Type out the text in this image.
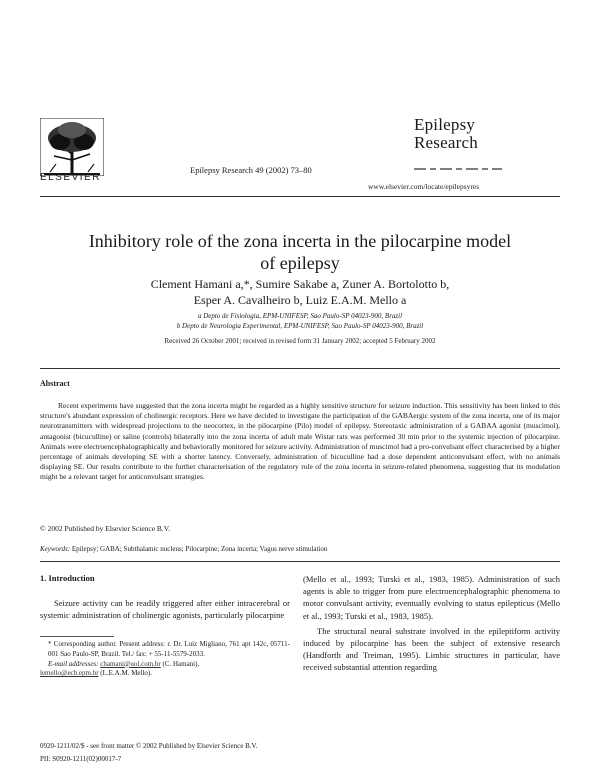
ELSEVIER
Epilepsy Research 49 (2002) 73–80
Epilepsy
Research
www.elsevier.com/locate/epilepsyres
Inhibitory role of the zona incerta in the pilocarpine model
of epilepsy
Clement Hamani a,*, Sumire Sakabe a, Zuner A. Bortolotto b,
Esper A. Cavalheiro b, Luiz E.A.M. Mello a
a Depto de Fisiologia, EPM-UNIFESP, Sao Paulo-SP 04023-900, Brazil
b Depto de Neurologia Experimental, EPM-UNIFESP, Sao Paulo-SP 04023-900, Brazil
Received 26 October 2001; received in revised form 31 January 2002; accepted 5 February 2002
Abstract
Recent experiments have suggested that the zona incerta might be regarded as a highly sensitive structure for seizure induction. This sensitivity has been linked to this structure's abundant expression of cholinergic receptors. Here we have decided to investigate the participation of the GABAergic system of the zona incerta, one of its major neurotransmitters with widespread projections to the neocortex, in the pilocarpine (Pilo) model of epilepsy. Stereotaxic administration of a GABAA agonist (muscimol), antagonist (bicuculline) or saline (controls) bilaterally into the zona incerta of adult male Wistar rats was performed 30 min prior to the systemic injection of pilocarpine. Animals were electroencephalographically and behaviorally monitored for seizure activity. Administration of muscimol had a pro-convulsant effect characterised by a higher percentage of animals developing SE with a shorter latency. Conversely, administration of bicuculline had a dose dependent anticonvulsant effect, with no animals displaying SE. Our results contribute to the further characterisation of the regulatory role of the zona incerta in seizure-related phenomena, suggesting that its modulation might be a relevant target for anticonvulsant strategies.
© 2002 Published by Elsevier Science B.V.
Keywords: Epilepsy; GABA; Subthalamic nucleus; Pilocarpine; Zona incerta; Vagus nerve stimulation

1. Introduction

Seizure activity can be readily triggered after either intracerebral or systemic administration of cholinergic agonists, particularly pilocarpine

(Mello et al., 1993; Turski et al., 1983, 1985). Administration of such agents is able to trigger from pure electroencephalographic phenomena to motor convulsant activity, eventually evolving to status epilepticus (Mello et al., 1993; Turski et al., 1983, 1985).

The structural neural substrate involved in the epileptiform activity induced by pilocarpine has been the subject of extensive research (Handforth and Treiman, 1995). Limbic structures in particular, have received substantial attention regarding

* Corresponding author. Present address: r. Dr. Luiz Migliano, 761 apt 142c, 05711-001 Sao Paulo-SP, Brazil. Tel./ fax: + 55-11-5579-2033.
E-mail addresses: chamani@uol.com.br (C. Hamani),
lemello@ecb.epm.br (L.E.A.M. Mello).
0920-1211/02/$ - see front matter © 2002 Published by Elsevier Science B.V.
PII: S0920-1211(02)00017-7
